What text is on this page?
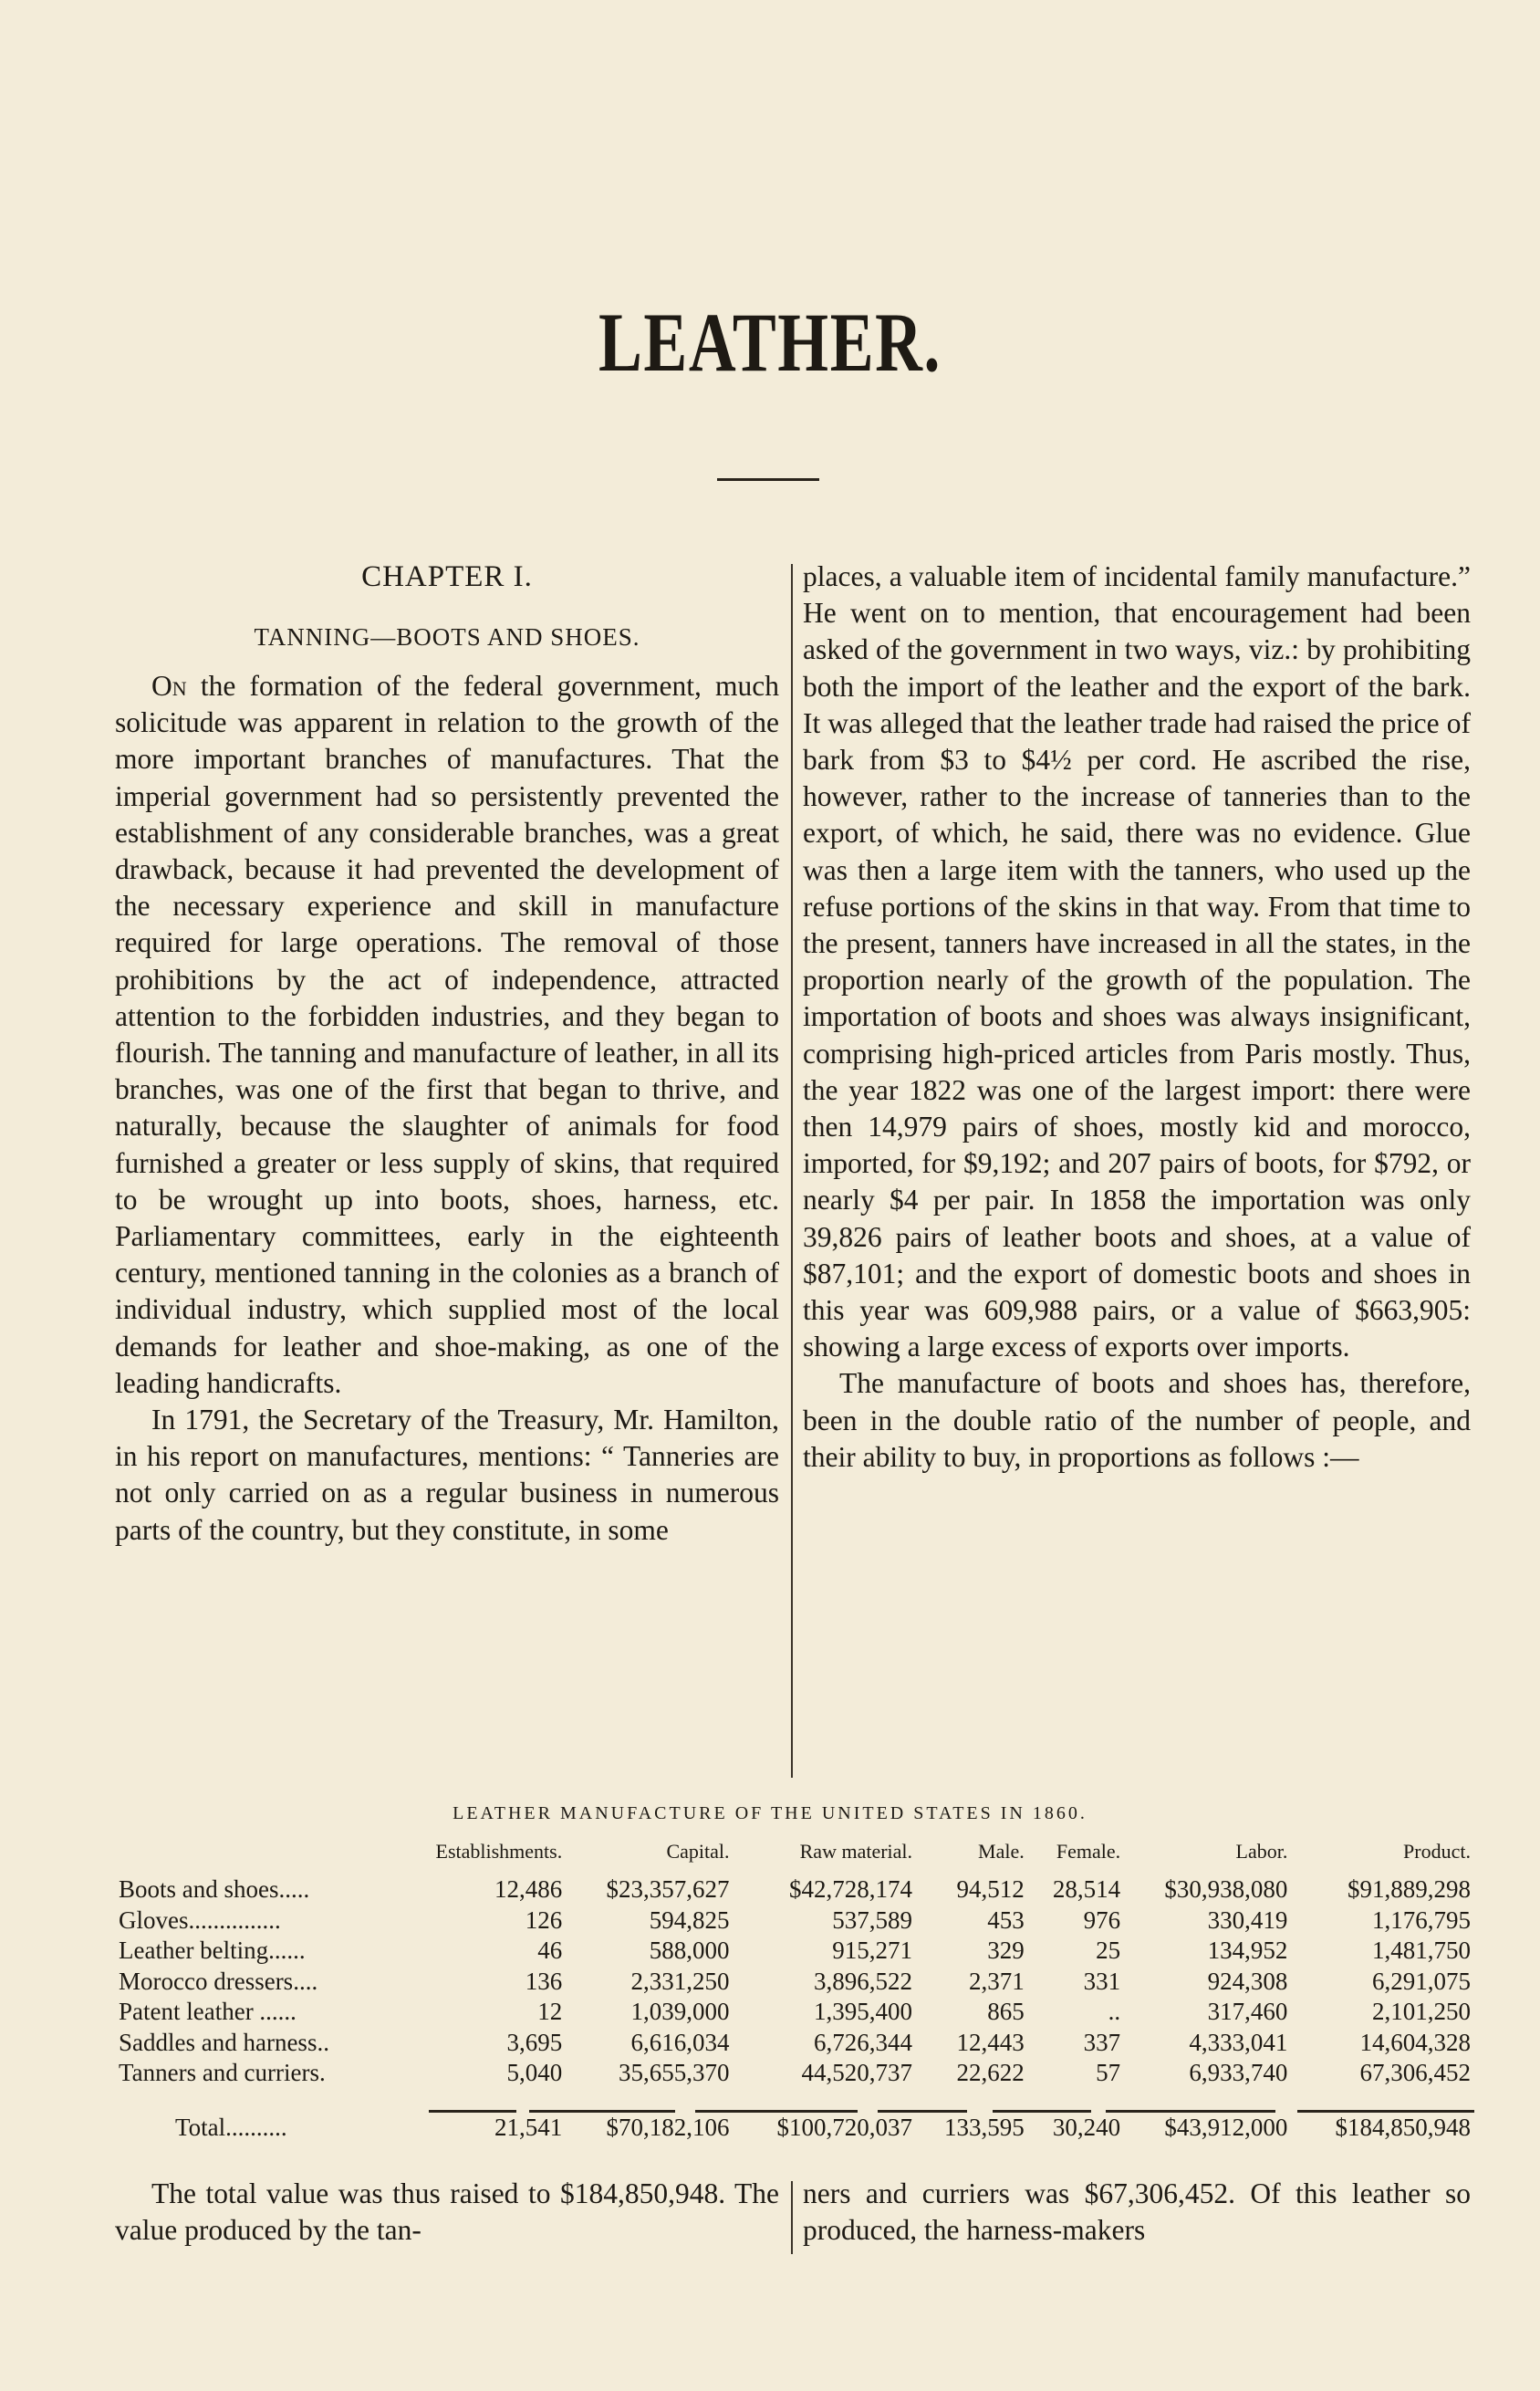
LEATHER.

CHAPTER I.

TANNING—BOOTS AND SHOES.

On the formation of the federal government, much solicitude was apparent in relation to the growth of the more important branches of manufactures. That the imperial government had so persistently prevented the establishment of any considerable branches, was a great drawback, because it had prevented the development of the necessary experience and skill in manufacture required for large operations. The removal of those prohibitions by the act of independence, attracted attention to the forbidden industries, and they began to flourish. The tanning and manufacture of leather, in all its branches, was one of the first that began to thrive, and naturally, because the slaughter of animals for food furnished a greater or less supply of skins, that required to be wrought up into boots, shoes, harness, etc. Parliamentary committees, early in the eighteenth century, mentioned tanning in the colonies as a branch of individual industry, which supplied most of the local demands for leather and shoe-making, as one of the leading handicrafts.

In 1791, the Secretary of the Treasury, Mr. Hamilton, in his report on manufactures, mentions: “ Tanneries are not only carried on as a regular business in numerous parts of the country, but they constitute, in some

places, a valuable item of incidental family manufacture.” He went on to mention, that encouragement had been asked of the government in two ways, viz.: by prohibiting both the import of the leather and the export of the bark. It was alleged that the leather trade had raised the price of bark from $3 to $4½ per cord. He ascribed the rise, however, rather to the increase of tanneries than to the export, of which, he said, there was no evidence. Glue was then a large item with the tanners, who used up the refuse portions of the skins in that way. From that time to the present, tanners have increased in all the states, in the proportion nearly of the growth of the population. The importation of boots and shoes was always insignificant, comprising high-priced articles from Paris mostly. Thus, the year 1822 was one of the largest import: there were then 14,979 pairs of shoes, mostly kid and morocco, imported, for $9,192; and 207 pairs of boots, for $792, or nearly $4 per pair. In 1858 the importation was only 39,826 pairs of leather boots and shoes, at a value of $87,101; and the export of domestic boots and shoes in this year was 609,988 pairs, or a value of $663,905: showing a large excess of exports over imports.

The manufacture of boots and shoes has, therefore, been in the double ratio of the number of people, and their ability to buy, in proportions as follows :—

LEATHER MANUFACTURE OF THE UNITED STATES IN 1860.
	Establishments.	Capital.	Raw material.	Male.	Female.	Labor.	Product.
Boots and shoes.....	12,486	$23,357,627	$42,728,174	94,512	28,514	$30,938,080	$91,889,298
Gloves...............	126	594,825	537,589	453	976	330,419	1,176,795
Leather belting......	46	588,000	915,271	329	25	134,952	1,481,750
Morocco dressers....	136	2,331,250	3,896,522	2,371	331	924,308	6,291,075
Patent leather ......	12	1,039,000	1,395,400	865	..	317,460	2,101,250
Saddles and harness..	3,695	6,616,034	6,726,344	12,443	337	4,333,041	14,604,328
Tanners and curriers.	5,040	35,655,370	44,520,737	22,622	57	6,933,740	67,306,452
Total..........	21,541	$70,182,106	$100,720,037	133,595	30,240	$43,912,000	$184,850,948

The total value was thus raised to $184,850,948. The value produced by the tan-

ners and curriers was $67,306,452. Of this leather so produced, the harness-makers
